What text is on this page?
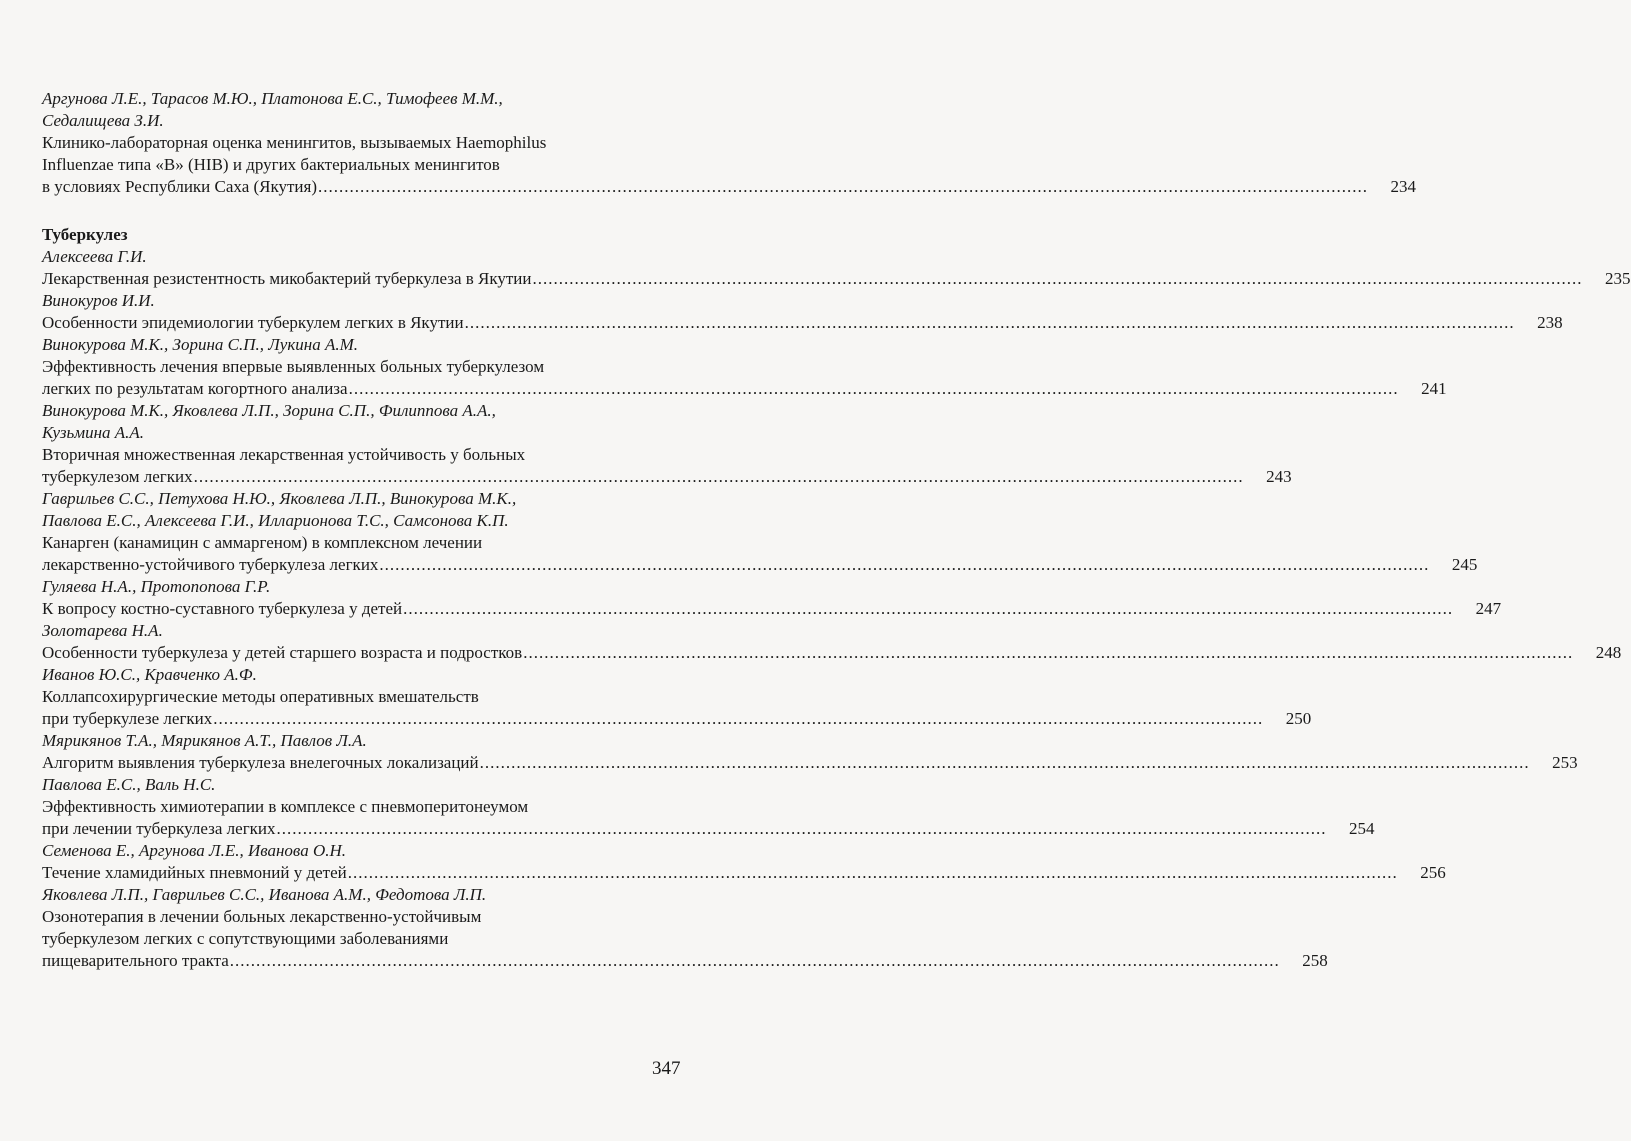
Аргунова Л.Е., Тарасов М.Ю., Платонова Е.С., Тимофеев М.М.,
Седалищева З.И.
Клинико-лабораторная оценка менингитов, вызываемых Haemophilus
Influenzae типа «В» (HIB) и других бактериальных менингитов
в условиях Республики Саха (Якутия) ........................................................................................................................................................................................................	234
Туберкулез
Алексеева Г.И.
Лекарственная резистентность микобактерий туберкулеза в Якутии ........................................................................................................................................................................................................	235
Винокуров И.И.
Особенности эпидемиологии туберкулем легких в Якутии ........................................................................................................................................................................................................	238
Винокурова М.К., Зорина С.П., Лукина А.М.
Эффективность лечения впервые выявленных больных туберкулезом
легких по результатам когортного анализа ........................................................................................................................................................................................................	241
Винокурова М.К., Яковлева Л.П., Зорина С.П., Филиппова А.А.,
Кузьмина А.А.
Вторичная множественная лекарственная устойчивость у больных
туберкулезом легких ........................................................................................................................................................................................................	243
Гаврильев С.С., Петухова Н.Ю., Яковлева Л.П., Винокурова М.К.,
Павлова Е.С., Алексеева Г.И., Илларионова Т.С., Самсонова К.П.
Канарген (канамицин с аммаргеном) в комплексном лечении
лекарственно-устойчивого туберкулеза легких ........................................................................................................................................................................................................	245
Гуляева Н.А., Протопопова Г.Р.
К вопросу костно-суставного туберкулеза у детей ........................................................................................................................................................................................................	247
Золотарева Н.А.
Особенности туберкулеза у детей старшего возраста и подростков ........................................................................................................................................................................................................	248
Иванов Ю.С., Кравченко А.Ф.
Коллапсохирургические методы оперативных вмешательств
при туберкулезе легких ........................................................................................................................................................................................................	250
Мярикянов Т.А., Мярикянов А.Т., Павлов Л.А.
Алгоритм выявления туберкулеза внелегочных локализаций ........................................................................................................................................................................................................	253
Павлова Е.С., Валь Н.С.
Эффективность химиотерапии в комплексе с пневмоперитонеумом
при лечении туберкулеза легких ........................................................................................................................................................................................................	254
Семенова Е., Аргунова Л.Е., Иванова О.Н.
Течение хламидийных пневмоний у детей ........................................................................................................................................................................................................	256
Яковлева Л.П., Гаврильев С.С., Иванова А.М., Федотова Л.П.
Озонотерапия в лечении больных лекарственно-устойчивым
туберкулезом легких с сопутствующими заболеваниями
пищеварительного тракта ........................................................................................................................................................................................................	258
347
